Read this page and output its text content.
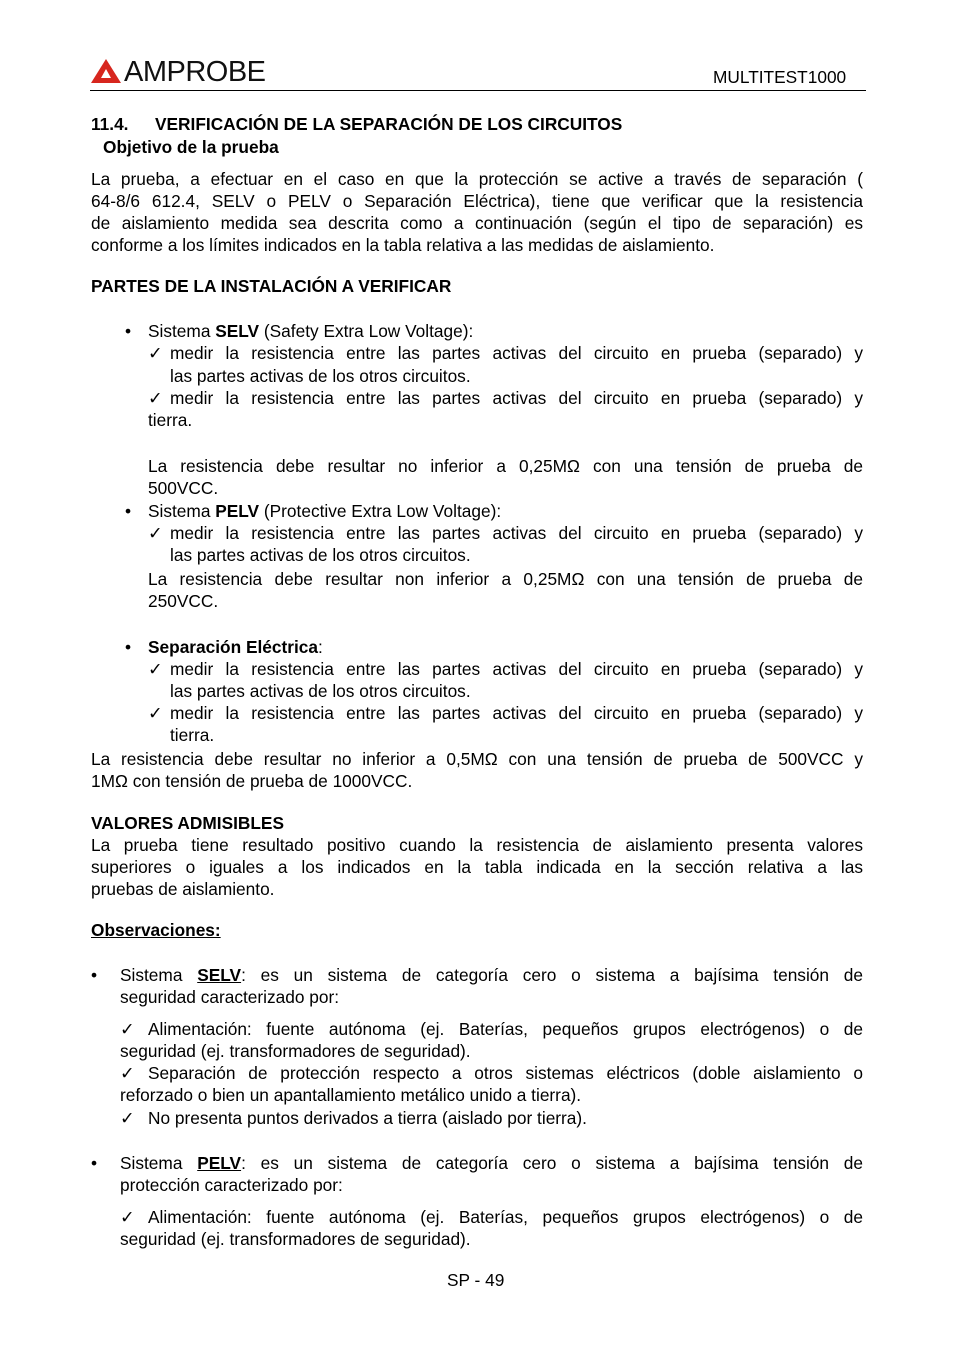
AMPROBE	MULTITEST1000
11.4. VERIFICACIÓN DE LA SEPARACIÓN DE LOS CIRCUITOS
Objetivo de la prueba
La prueba, a efectuar en el caso en que la protección se active a través de separación (
64-8/6 612.4, SELV o PELV o Separación Eléctrica), tiene que verificar que la resistencia
de aislamiento medida sea descrita como a continuación (según el tipo de separación) es
conforme a los límites indicados en la tabla relativa a las medidas de aislamiento.
PARTES DE LA INSTALACIÓN A VERIFICAR
• Sistema SELV (Safety Extra Low Voltage):
✓ medir la resistencia entre las partes activas del circuito en prueba (separado) y
las partes activas de los otros circuitos.
✓ medir la resistencia entre las partes activas del circuito en prueba (separado) y
tierra.
La resistencia debe resultar no inferior a 0,25MΩ con una tensión de prueba de
500VCC.
• Sistema PELV (Protective Extra Low Voltage):
✓ medir la resistencia entre las partes activas del circuito en prueba (separado) y
las partes activas de los otros circuitos.
La resistencia debe resultar non inferior a 0,25MΩ con una tensión de prueba de
250VCC.
• Separación Eléctrica:
✓ medir la resistencia entre las partes activas del circuito en prueba (separado) y
las partes activas de los otros circuitos.
✓ medir la resistencia entre las partes activas del circuito en prueba (separado) y
tierra.
La resistencia debe resultar no inferior a 0,5MΩ con una tensión de prueba de 500VCC y
1MΩ con tensión de prueba de 1000VCC.
VALORES ADMISIBLES
La prueba tiene resultado positivo cuando la resistencia de aislamiento presenta valores
superiores o iguales a los indicados en la tabla indicada en la sección relativa a las
pruebas de aislamiento.
Observaciones:
• Sistema SELV: es un sistema de categoría cero o sistema a bajísima tensión de
seguridad caracterizado por:
✓ Alimentación: fuente autónoma (ej. Baterías, pequeños grupos electrógenos) o de
seguridad (ej. transformadores de seguridad).
✓ Separación de protección respecto a otros sistemas eléctricos (doble aislamiento o
reforzado o bien un apantallamiento metálico unido a tierra).
✓ No presenta puntos derivados a tierra (aislado por tierra).
• Sistema PELV: es un sistema de categoría cero o sistema a bajísima tensión de
protección caracterizado por:
✓ Alimentación: fuente autónoma (ej. Baterías, pequeños grupos electrógenos) o de
seguridad (ej. transformadores de seguridad).
SP - 49
